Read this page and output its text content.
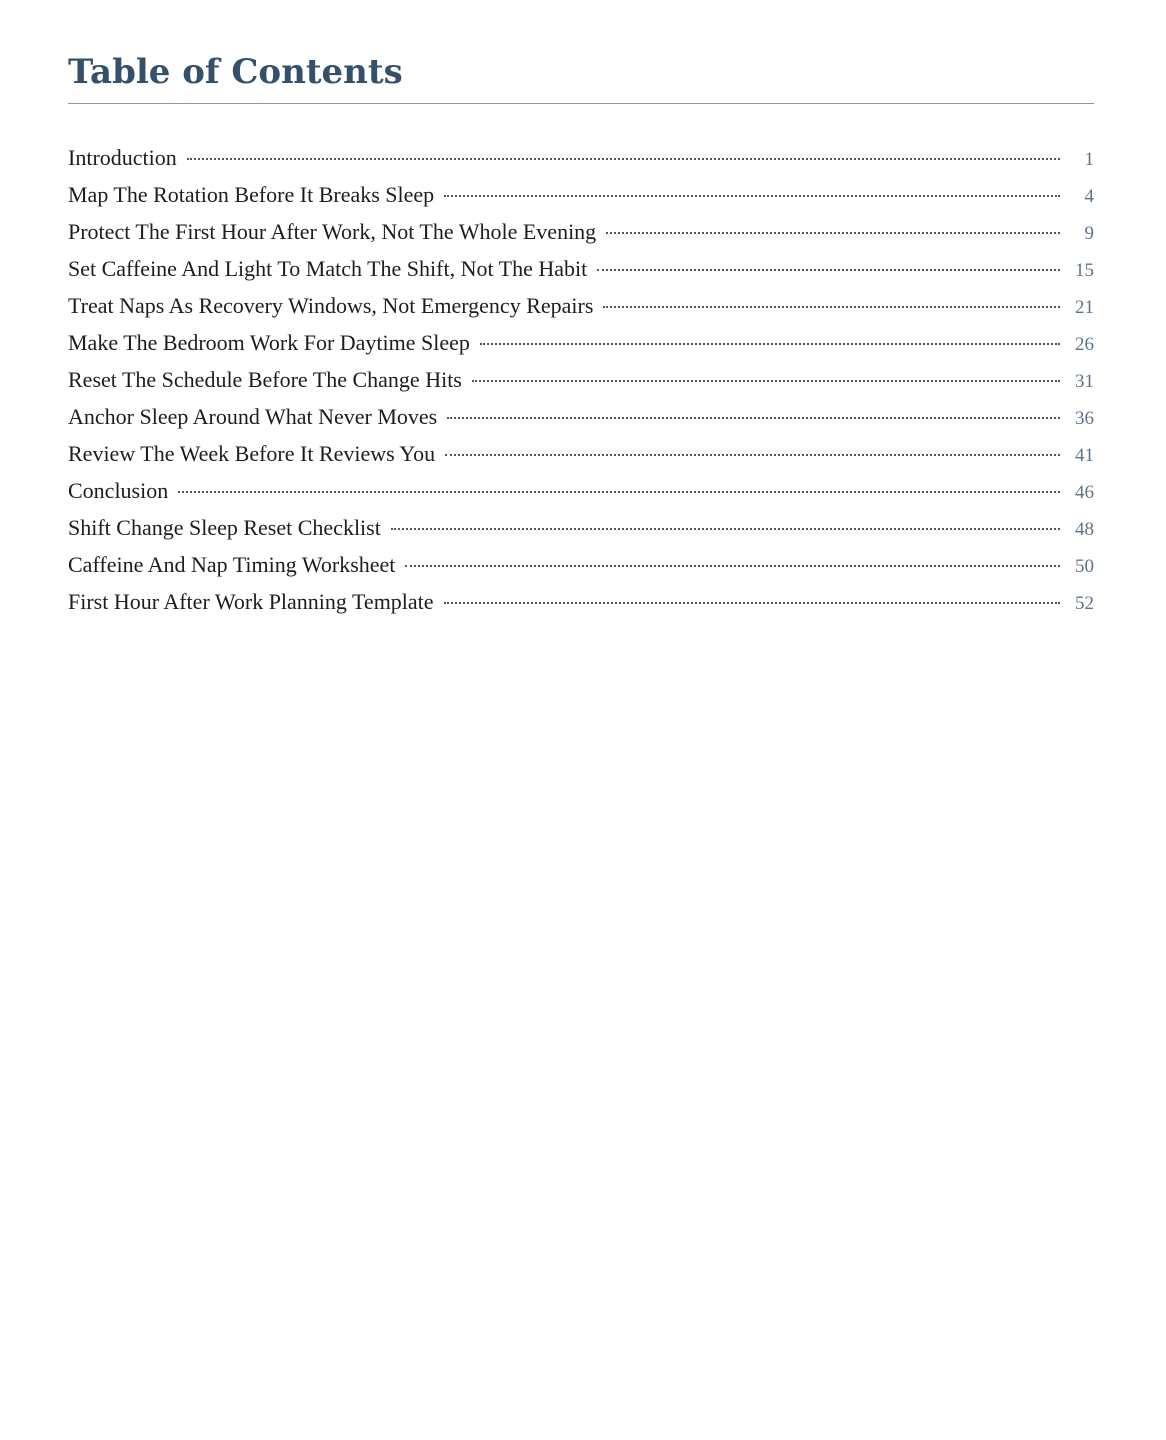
Table of Contents
Introduction	1
Map The Rotation Before It Breaks Sleep	4
Protect The First Hour After Work, Not The Whole Evening	9
Set Caffeine And Light To Match The Shift, Not The Habit	15
Treat Naps As Recovery Windows, Not Emergency Repairs	21
Make The Bedroom Work For Daytime Sleep	26
Reset The Schedule Before The Change Hits	31
Anchor Sleep Around What Never Moves	36
Review The Week Before It Reviews You	41
Conclusion	46
Shift Change Sleep Reset Checklist	48
Caffeine And Nap Timing Worksheet	50
First Hour After Work Planning Template	52
